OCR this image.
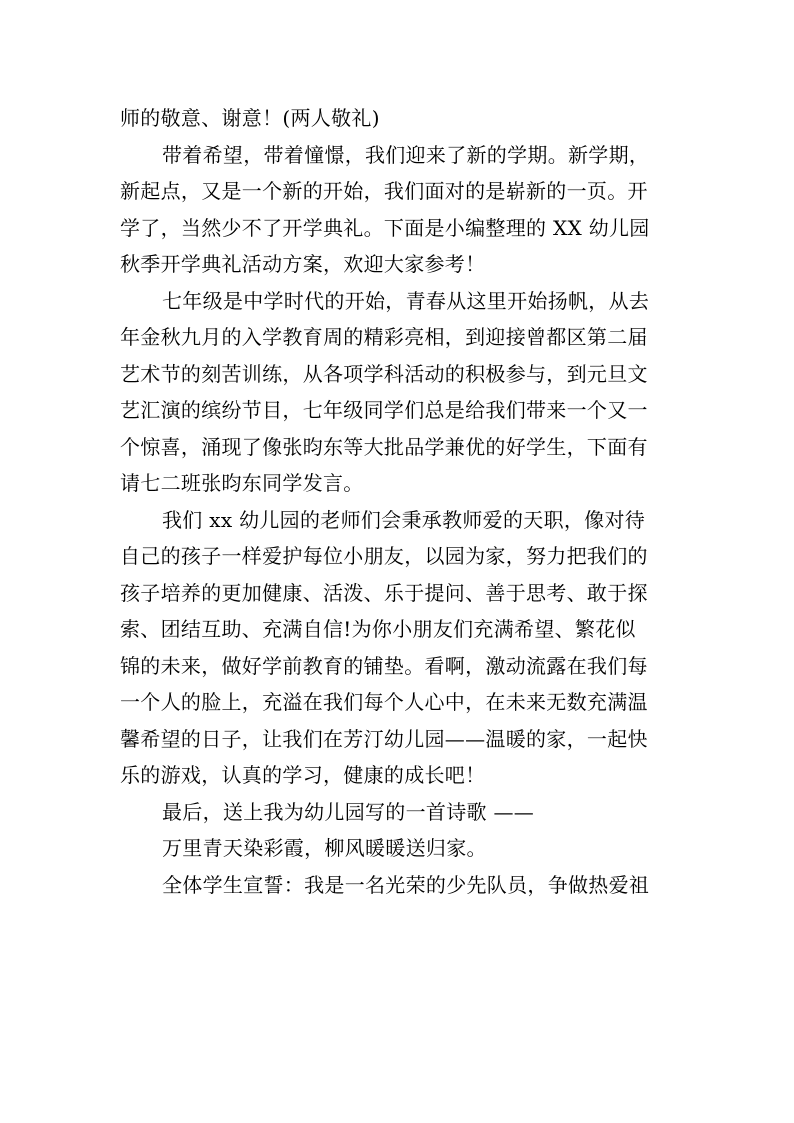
师的敬意、谢意！(两人敬礼)
带着希望，带着憧憬，我们迎来了新的学期。新学期，
新起点，又是一个新的开始，我们面对的是崭新的一页。开
学了，当然少不了开学典礼。下面是小编整理的 XX 幼儿园
秋季开学典礼活动方案，欢迎大家参考！
七年级是中学时代的开始，青春从这里开始扬帆，从去
年金秋九月的入学教育周的精彩亮相，到迎接曾都区第二届
艺术节的刻苦训练，从各项学科活动的积极参与，到元旦文
艺汇演的缤纷节目，七年级同学们总是给我们带来一个又一
个惊喜，涌现了像张昀东等大批品学兼优的好学生，下面有
请七二班张昀东同学发言。
我们 xx 幼儿园的老师们会秉承教师爱的天职，像对待
自己的孩子一样爱护每位小朋友，以园为家，努力把我们的
孩子培养的更加健康、活泼、乐于提问、善于思考、敢于探
索、团结互助、充满自信!为你小朋友们充满希望、繁花似
锦的未来，做好学前教育的铺垫。看啊，激动流露在我们每
一个人的脸上，充溢在我们每个人心中，在未来无数充满温
馨希望的日子，让我们在芳汀幼儿园——温暖的家，一起快
乐的游戏，认真的学习，健康的成长吧！
最后，送上我为幼儿园写的一首诗歌 ——
万里青天染彩霞，柳风暖暖送归家。
全体学生宣誓：我是一名光荣的少先队员，争做热爱祖
